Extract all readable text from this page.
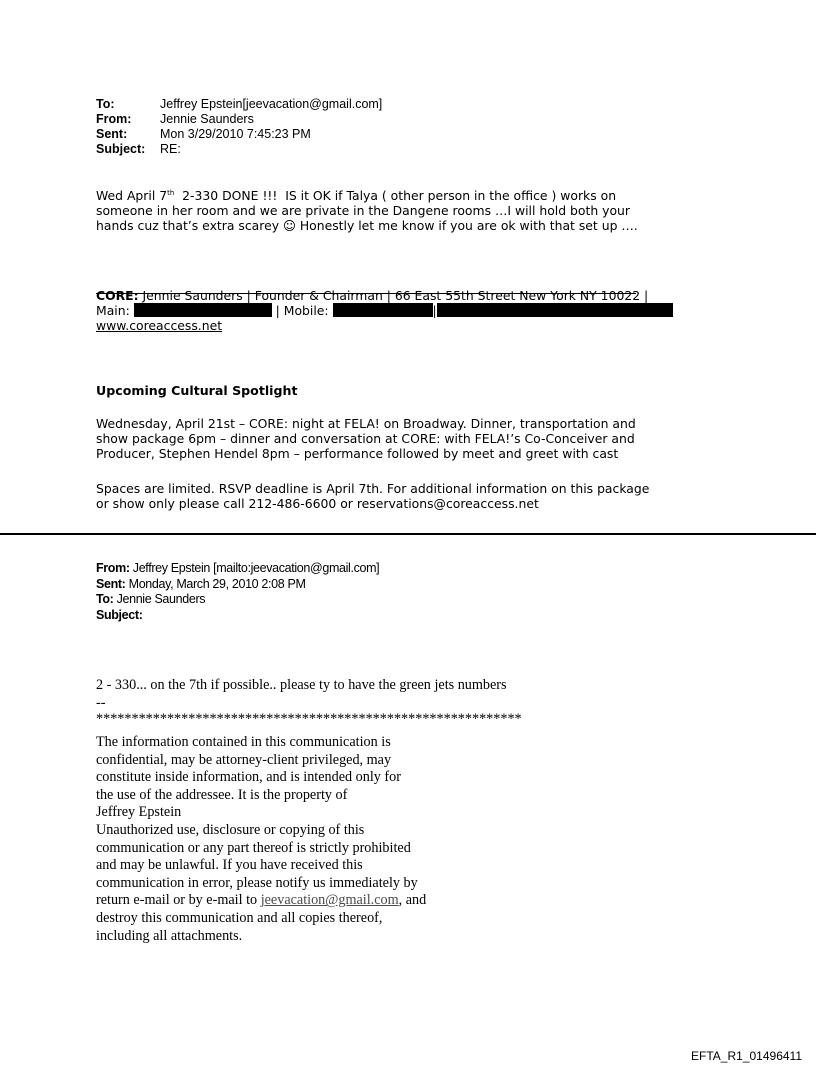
To:	Jeffrey Epstein[jeevacation@gmail.com]
From:	Jennie Saunders
Sent:	Mon 3/29/2010 7:45:23 PM
Subject:	RE:
Wed April 7th  2-330 DONE !!!  IS it OK if Talya ( other person in the office ) works on
someone in her room and we are private in the Dangene rooms …I will hold both your
hands cuz that’s extra scarey ☺ Honestly let me know if you are ok with that set up ….
CORE: Jennie Saunders | Founder & Chairman | 66 East 55th Street New York NY 10022 |
Main:	| Mobile:	|
www.coreaccess.net
Upcoming Cultural Spotlight
Wednesday, April 21st – CORE: night at FELA! on Broadway. Dinner, transportation and
show package 6pm – dinner and conversation at CORE: with FELA!’s Co-Conceiver and
Producer, Stephen Hendel 8pm – performance followed by meet and greet with cast
Spaces are limited. RSVP deadline is April 7th. For additional information on this package
or show only please call 212-486-6600 or reservations@coreaccess.net
From: Jeffrey Epstein [mailto:jeevacation@gmail.com]
Sent: Monday, March 29, 2010 2:08 PM
To: Jennie Saunders
Subject:
2 - 330... on the 7th if possible.. please ty to have the green jets numbers
--
************************************************************
The information contained in this communication is
confidential, may be attorney-client privileged, may
constitute inside information, and is intended only for
the use of the addressee. It is the property of
Jeffrey Epstein
Unauthorized use, disclosure or copying of this
communication or any part thereof is strictly prohibited
and may be unlawful. If you have received this
communication in error, please notify us immediately by
return e-mail or by e-mail to jeevacation@gmail.com, and
destroy this communication and all copies thereof,
including all attachments.
EFTA_R1_01496411
